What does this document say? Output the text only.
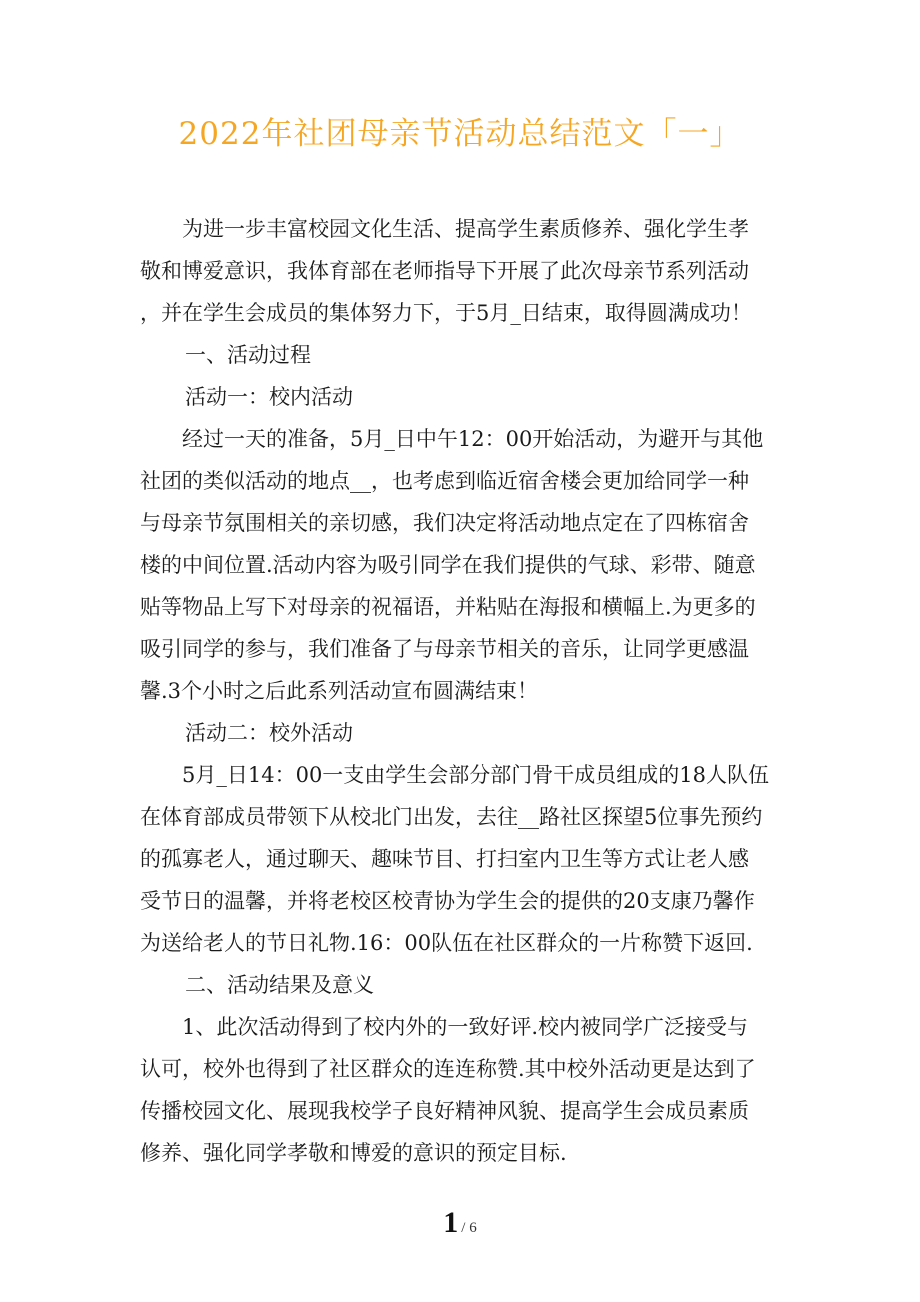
2022年社团母亲节活动总结范文「一」

为进一步丰富校园文化生活、提高学生素质修养、强化学生孝
敬和博爱意识，我体育部在老师指导下开展了此次母亲节系列活动
，并在学生会成员的集体努力下，于5月_日结束，取得圆满成功！

一、活动过程

活动一：校内活动

经过一天的准备，5月_日中午12：00开始活动，为避开与其他
社团的类似活动的地点__，也考虑到临近宿舍楼会更加给同学一种
与母亲节氛围相关的亲切感，我们决定将活动地点定在了四栋宿舍
楼的中间位置.活动内容为吸引同学在我们提供的气球、彩带、随意
贴等物品上写下对母亲的祝福语，并粘贴在海报和横幅上.为更多的
吸引同学的参与，我们准备了与母亲节相关的音乐，让同学更感温
馨.3个小时之后此系列活动宣布圆满结束！

活动二：校外活动

5月_日14：00一支由学生会部分部门骨干成员组成的18人队伍
在体育部成员带领下从校北门出发，去往__路社区探望5位事先预约
的孤寡老人，通过聊天、趣味节目、打扫室内卫生等方式让老人感
受节日的温馨，并将老校区校青协为学生会的提供的20支康乃馨作
为送给老人的节日礼物.16：00队伍在社区群众的一片称赞下返回.

二、活动结果及意义

1、此次活动得到了校内外的一致好评.校内被同学广泛接受与
认可，校外也得到了社区群众的连连称赞.其中校外活动更是达到了
传播校园文化、展现我校学子良好精神风貌、提高学生会成员素质
修养、强化同学孝敬和博爱的意识的预定目标.

1 / 6
